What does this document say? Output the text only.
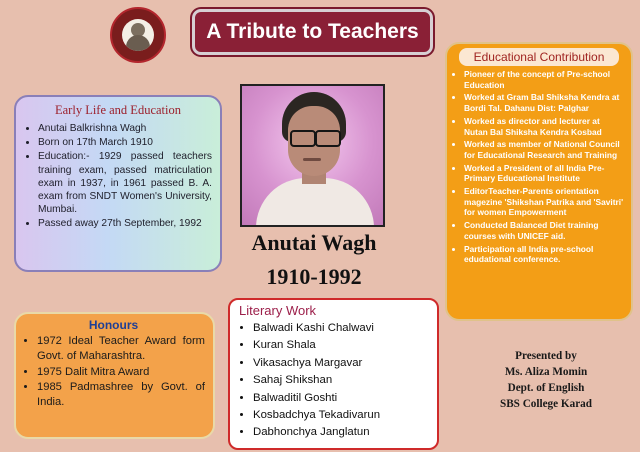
A Tribute to Teachers
Early Life and Education
• Anutai Balkrishna Wagh
• Born on 17th March 1910
• Education:- 1929 passed teachers training exam, passed matriculation exam in 1937, in 1961 passed B. A. exam from SNDT Women's University, Mumbai.
• Passed away 27th September, 1992
Anutai Wagh
1910-1992
Educational Contribution
• Pioneer of the concept of Pre-school Education
• Worked at Gram Bal Shiksha Kendra at Bordi Tal. Dahanu Dist: Palghar
• Worked as director and lecturer at Nutan Bal Shiksha Kendra Kosbad
• Worked as member of National Council for Educational Research and Training
• Worked a President of all India Pre-Primary Educational Institute
• EditorTeacher-Parents orientation magezine 'Shikshan Patrika and 'Savitri' for women Empowerment
• Conducted Balanced Diet training courses with UNICEF aid.
• Participation all India pre-school edudational conference.
Literary Work
• Balwadi Kashi Chalwavi
• Kuran Shala
• Vikasachya Margavar
• Sahaj Shikshan
• Balwaditil Goshti
• Kosbadchya Tekadivarun
• Dabhonchya Janglatun
Honours
• 1972 Ideal Teacher Award form Govt. of Maharashtra.
• 1975 Dalit Mitra Award
• 1985 Padmashree by Govt. of India.
Presented by
Ms. Aliza Momin
Dept. of English
SBS College Karad
